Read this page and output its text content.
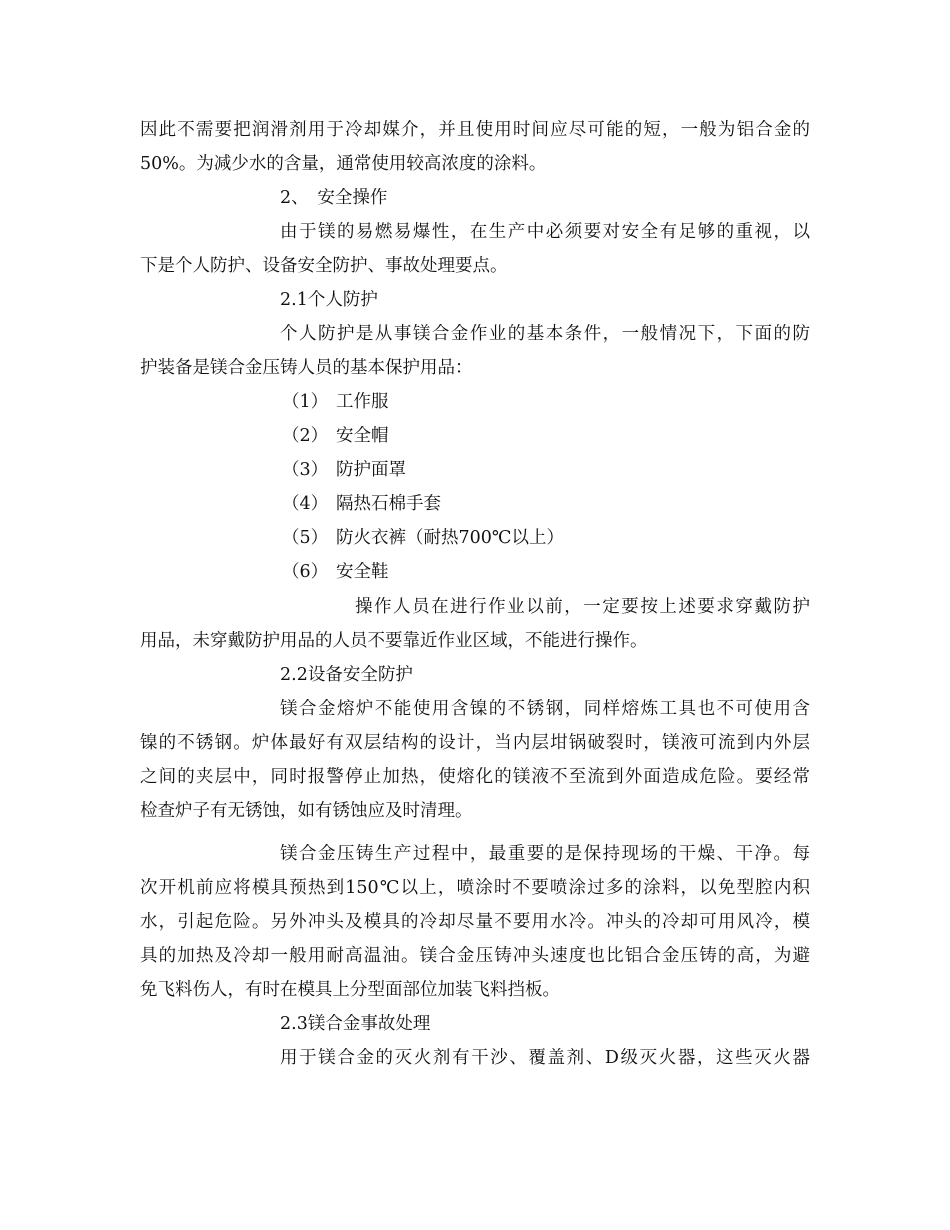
因此不需要把润滑剂用于冷却媒介，并且使用时间应尽可能的短，一般为铝合金的
50%。为减少水的含量，通常使用较高浓度的涂料。
2、　安全操作
由于镁的易燃易爆性，在生产中必须要对安全有足够的重视，以
下是个人防护、设备安全防护、事故处理要点。
2.1个人防护
个人防护是从事镁合金作业的基本条件，一般情况下，下面的防
护装备是镁合金压铸人员的基本保护用品：
（1） 工作服
（2） 安全帽
（3） 防护面罩
（4） 隔热石棉手套
（5） 防火衣裤（耐热700℃以上）
（6） 安全鞋
操作人员在进行作业以前，一定要按上述要求穿戴防护
用品，未穿戴防护用品的人员不要靠近作业区域，不能进行操作。
2.2设备安全防护
镁合金熔炉不能使用含镍的不锈钢，同样熔炼工具也不可使用含
镍的不锈钢。炉体最好有双层结构的设计，当内层坩锅破裂时，镁液可流到内外层
之间的夹层中，同时报警停止加热，使熔化的镁液不至流到外面造成危险。要经常
检查炉子有无锈蚀，如有锈蚀应及时清理。
镁合金压铸生产过程中，最重要的是保持现场的干燥、干净。每
次开机前应将模具预热到150℃以上，喷涂时不要喷涂过多的涂料，以免型腔内积
水，引起危险。另外冲头及模具的冷却尽量不要用水冷。冲头的冷却可用风冷，模
具的加热及冷却一般用耐高温油。镁合金压铸冲头速度也比铝合金压铸的高，为避
免飞料伤人，有时在模具上分型面部位加装飞料挡板。
2.3镁合金事故处理
用于镁合金的灭火剂有干沙、覆盖剂、D级灭火器，这些灭火器
